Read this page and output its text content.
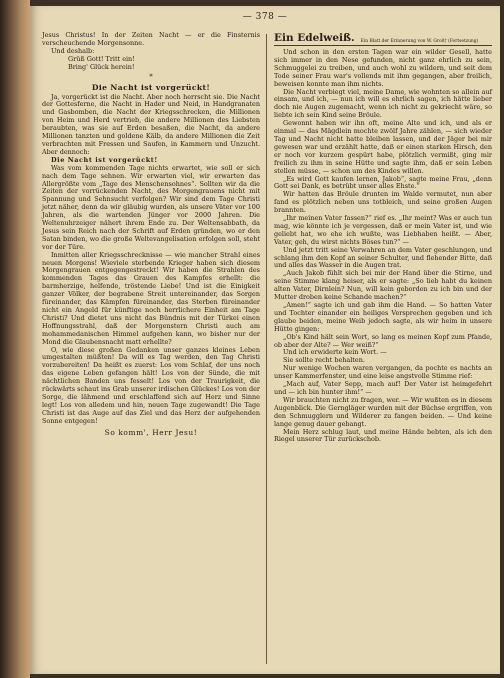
— 378 —

Jesus Christus! In der Zeiten Nacht — er die Finsternis verscheuchende Morgensonne.

Und deshalb:

Grüß Gott! Tritt ein!

Bring' Glück herein!

*
Die Nacht ist vorgerückt!

Ja, vorgerückt ist die Nacht. Aber noch herrscht sie. Die Nacht der Gottesferne, die Nacht in Hader und Neid, in Handgranaten und Gasbomben, die Nacht der Kriegsschrecken, die Millionen von Heim und Herd vertrieb, die andere Millionen des Liebsten beraubten, was sie auf Erden besaßen, die Nacht, da andere Millionen tanzten und goldene Kälb, da andere Millionen die Zeit verbrachten mit Fressen und Saufen, in Kammern und Unzucht. Aber dennoch:

Die Nacht ist vorgerückt!

Was vom kommenden Tage nichts erwartet, wie soll er sich nach dem Tage sehnen. Wir erwarten viel, wir erwarten das Allergrößte vom „Tage des Menschensohnes“. Sollten wir da die Zeiten der vorrückenden Nacht, des Morgengrauens nicht mit Spannung und Sehnsucht verfolgen? Wir sind dem Tage Christi jetzt näher, denn da wir gläubig wurden, als unsere Väter vor 100 Jahren, als die wartenden Jünger vor 2000 Jahren. Die Weltenuhrzeiger nähert ihrem Ende zu. Der Weltensabbath, da Jesus sein Reich nach der Schrift auf Erden gründen, wo er den Satan binden, wo die große Weltevangelisation erfolgen soll, steht vor der Türe.

Inmitten aller Kriegsschrecknisse — wie mancher Strahl eines neuen Morgens! Wieviele sterbende Krieger haben sich diesem Morgengrauen entgegengestreckt! Wir haben die Strahlen des kommenden Tages das Grauen des Kampfes erhellt: die barmherzige, helfende, tröstende Liebe! Und ist die Einigkeit ganzer Völker, der begrabene Streit untereinander, das Sorgen füreinander, das Kämpfen füreinander, das Sterben füreinander nicht ein Angeld für künftige noch herrlichere Einheit am Tage Christi? Und dietet uns nicht das Bündnis mit der Türkei einen Hoffnungsstrahl, daß der Morgenstern Christi auch am mohammedanischen Himmel aufgehen kann, wo bisher nur der Mond die Glaubensnacht matt erhellte?

O, wie diese großen Gedanken unser ganzes kleines Leben umgestalten müßten! Da will es Tag werden, den Tag Christi vorzubereiten! Da heißt es zuerst: Los vom Schlaf, der uns noch das eigene Leben gefangen hält! Los von der Sünde, die mit nächtlichen Banden uns fesselt! Los von der Traurigkeit, die rückwärts schaut ins Grab unserer irdischen Glückes! Los von der Sorge, die lähmend und erschlaffend sich auf Herz und Sinne legt! Los von alledem und hin, neuen Tage zugewandt! Die Tage Christi ist das Auge auf das Ziel und das Herz der aufgehenden Sonne entgegen!

So komm', Herr Jesu!
Ein Edelweiß. Ein Blatt der Erinnerung von W. Groß† (Fortsetzung)

Und schon in den ersten Tagen war ein wilder Gesell, hatte sich immer in den Nese gefunden, nicht ganz ehrlich zu sein, Schmuggelei zu treiben, und auch wohl zu wildern, und seit dem Tode seiner Frau war's vollends mit ihm gegangen, aber freilich, beweisen konnte man ihm nichts.

Die Nacht verbiegt viel, meine Dame, wie wohnten so allein auf einsam, und ich, — nun ich will es ehrlich sagen, ich hätte lieber doch nie Augen zugemacht, wenn ich nicht zu gekriecht wäre, so liebte ich sein Kind seine Bröule.

Gewonnt haben wir ihn oft, meine Alte und ich, und als er einmal — das Mägdlein mochte zwölf Jahre zählen, — sich wieder Tag und Nacht nicht hatte bleiben lassen, und der Jäger bei mir gewesen war und erzählt hatte, daß er einen starken Hirsch, den er noch vor kurzem gespürt habe, plötzlich vermißt, ging mir freilich zu ihm in seine Hütte und sagte ihm, daß er sein Leben stellen müsse, — schon um des Kindes willen.

„Es wird Gott kaufen lernen, Jakob“, sagte meine Frau, „denn Gott sei Dank, es betrübt unser alles Ehste.“

Wir hatten das Bröule drunten im Walde vermutet, nun aber fand es plötzlich neben uns totbleich, und seine großen Augen brannten.

„Ihr meinen Vater fassen?“ rief es. „Ihr meint? Was er auch tun mag, wie könnte ich je vergessen, daß er mein Vater ist, und wie geliebt hat, wo ehe ich wußte, was Liebhaben heißt. — Aber, Vater, geh, du wirst nichts Böses tun?“ —

Und jetzt tritt seine Verwahren an dem Vater geschlungen, und schlang ihm den Kopf an seiner Schulter, und flehender Bitte, daß und alles das Wasser in die Augen trat.

„Auch Jakob fühlt sich bei mir der Hand über die Stirne, und seine Stimme klang heiser, als er sagte: „So lieb habt du keinen alten Vater, Dirnlein? Nun, will kein geborden zu ich bin und der Mutter droben keine Schande machen?“

„Amen!“ sagte ich und gab ihm die Hand. — So hatten Vater und Tochter einander ein heiliges Versprechen gegeben und ich glaube beiden, meine Weib jedoch sagte, als wir heim in unsere Hütte gingen:

„Ob's Kind hält sein Wort, so lang es meinen Kopf zum Pfande, ob aber der Alte? — Wer weiß?“

Und ich erwiderte kein Wort. —

Sie sollte recht behalten.

Nur wenige Wochen waren vergangen, da pochte es nachts an unser Kammerfenster, und eine leise angstvolle Stimme rief:

„Mach auf, Vater Sepp, mach auf! Der Vater ist heimgefehrt und — ich bin hunter ihm!“ —

Wir brauchten nicht zu fragen, wer. — Wir wußten es in diesem Augenblick. Die Gerngläger wurden mit der Büchse ergriffen, von den Schmugglern und Wilderer zu fangen beiden. — Und keine lange genug dauer gebangt.

Mein Herz schlug laut, und meine Hände bebten, als ich den Riegel unserer Tür zurückschob.
